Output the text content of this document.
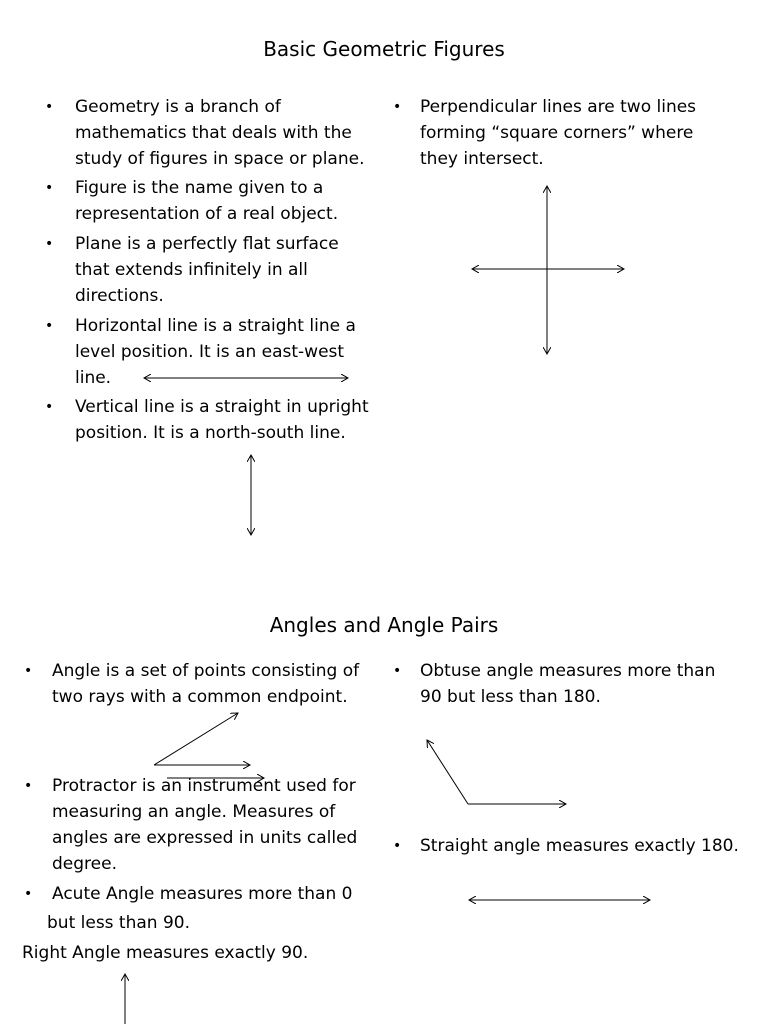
Basic Geometric Figures
• Geometry is a branch of mathematics that deals with the study of figures in space or plane.
• Figure is the name given to a representation of a real object.
• Plane is a perfectly flat surface that extends infinitely in all directions.
• Horizontal line is a straight line a level position. It is an east-west line.
• Vertical line is a straight in upright position. It is a north-south line.
• Perpendicular lines are two lines forming “square corners” where they intersect.
Angles and Angle Pairs
• Angle is a set of points consisting of two rays with a common endpoint.
• Protractor is an instrument used for measuring an angle. Measures of angles are expressed in units called degree.
• Acute Angle measures more than 0
but less than 90.
Right Angle measures exactly 90.
• Obtuse angle measures more than 90 but less than 180.
• Straight angle measures exactly 180.
